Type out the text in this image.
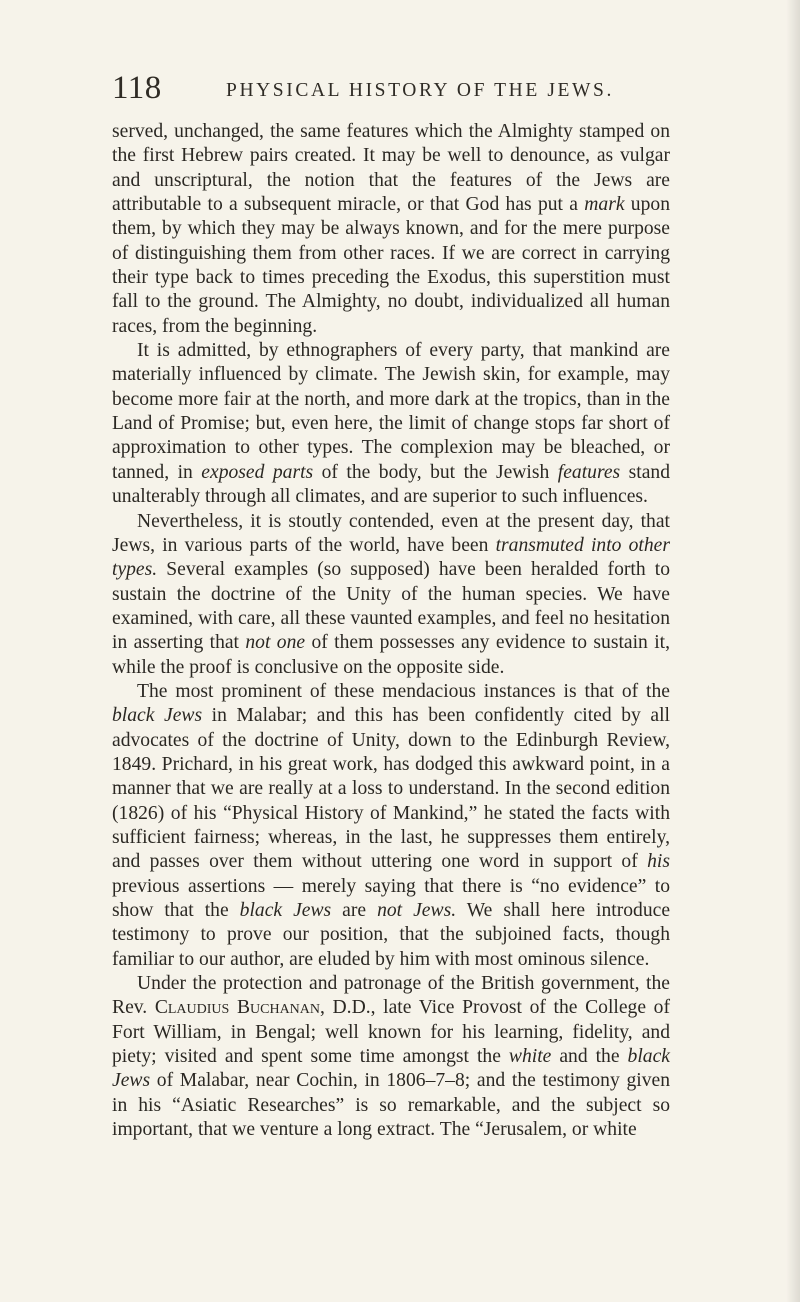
118	PHYSICAL HISTORY OF THE JEWS.

served, unchanged, the same features which the Almighty stamped on the first Hebrew pairs created. It may be well to denounce, as vulgar and unscriptural, the notion that the features of the Jews are attributable to a subsequent miracle, or that God has put a mark upon them, by which they may be always known, and for the mere purpose of distinguishing them from other races. If we are correct in carrying their type back to times preceding the Exodus, this superstition must fall to the ground. The Almighty, no doubt, individualized all human races, from the beginning.

It is admitted, by ethnographers of every party, that mankind are materially influenced by climate. The Jewish skin, for example, may become more fair at the north, and more dark at the tropics, than in the Land of Promise; but, even here, the limit of change stops far short of approximation to other types. The complexion may be bleached, or tanned, in exposed parts of the body, but the Jewish features stand unalterably through all climates, and are superior to such influences.

Nevertheless, it is stoutly contended, even at the present day, that Jews, in various parts of the world, have been transmuted into other types. Several examples (so supposed) have been heralded forth to sustain the doctrine of the Unity of the human species. We have examined, with care, all these vaunted examples, and feel no hesitation in asserting that not one of them possesses any evidence to sustain it, while the proof is conclusive on the opposite side.

The most prominent of these mendacious instances is that of the black Jews in Malabar; and this has been confidently cited by all advocates of the doctrine of Unity, down to the Edinburgh Review, 1849. Prichard, in his great work, has dodged this awkward point, in a manner that we are really at a loss to understand. In the second edition (1826) of his “Physical History of Mankind,” he stated the facts with sufficient fairness; whereas, in the last, he suppresses them entirely, and passes over them without uttering one word in support of his previous assertions — merely saying that there is “no evidence” to show that the black Jews are not Jews. We shall here introduce testimony to prove our position, that the subjoined facts, though familiar to our author, are eluded by him with most ominous silence.

Under the protection and patronage of the British government, the Rev. Claudius Buchanan, D.D., late Vice Provost of the College of Fort William, in Bengal; well known for his learning, fidelity, and piety; visited and spent some time amongst the white and the black Jews of Malabar, near Cochin, in 1806–7–8; and the testimony given in his “Asiatic Researches” is so remarkable, and the subject so important, that we venture a long extract. The “Jerusalem, or white
